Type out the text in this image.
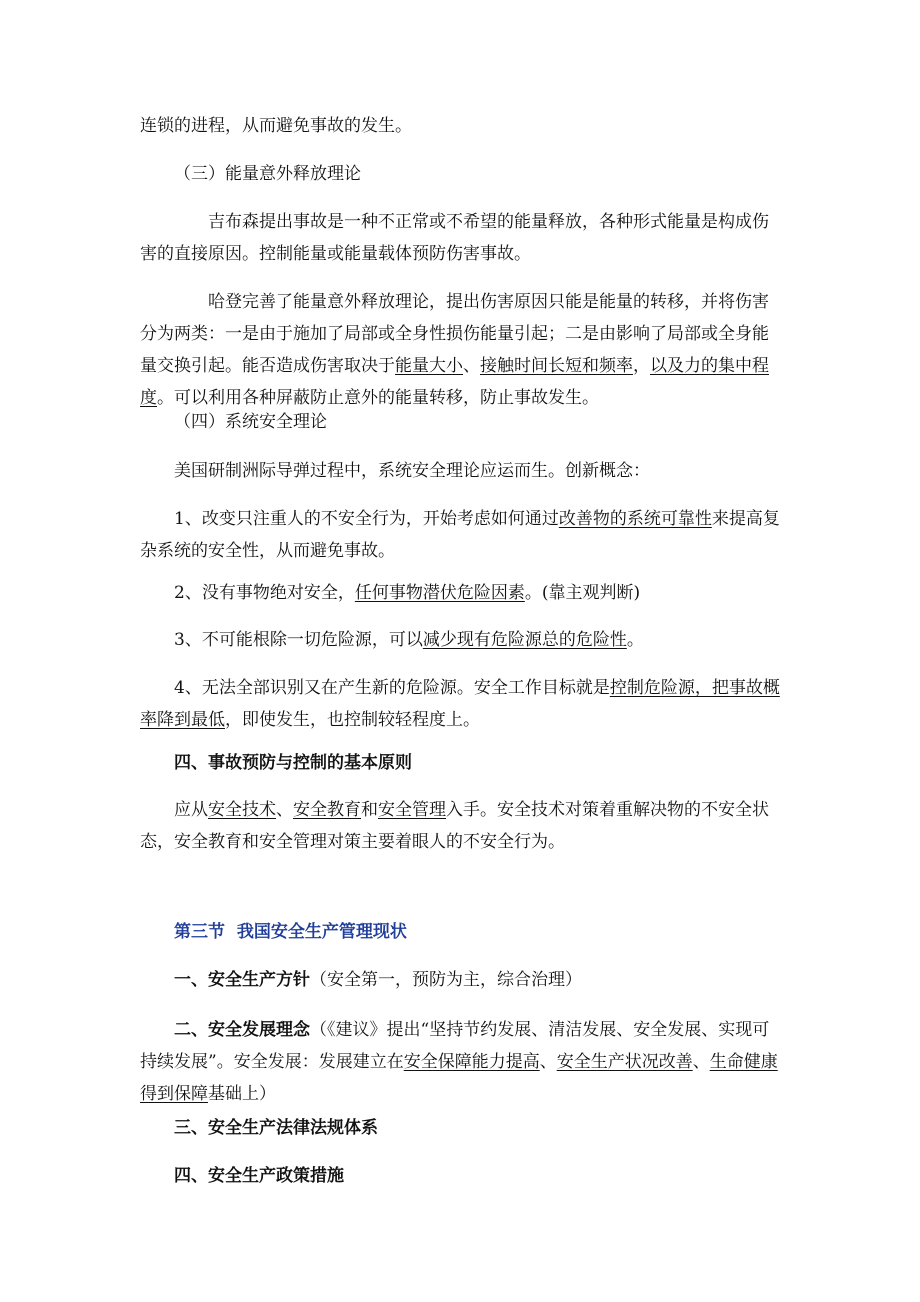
连锁的进程，从而避免事故的发生。

（三）能量意外释放理论

吉布森提出事故是一种不正常或不希望的能量释放，各种形式能量是构成伤害的直接原因。控制能量或能量载体预防伤害事故。

哈登完善了能量意外释放理论，提出伤害原因只能是能量的转移，并将伤害分为两类：一是由于施加了局部或全身性损伤能量引起；二是由影响了局部或全身能量交换引起。能否造成伤害取决于能量大小、接触时间长短和频率，以及力的集中程度。可以利用各种屏蔽防止意外的能量转移，防止事故发生。

（四）系统安全理论

美国研制洲际导弹过程中，系统安全理论应运而生。创新概念：

1、改变只注重人的不安全行为，开始考虑如何通过改善物的系统可靠性来提高复杂系统的安全性，从而避免事故。

2、没有事物绝对安全，任何事物潜伏危险因素。(靠主观判断)

3、不可能根除一切危险源，可以减少现有危险源总的危险性。

4、无法全部识别又在产生新的危险源。安全工作目标就是控制危险源，把事故概率降到最低，即使发生，也控制较轻程度上。

四、事故预防与控制的基本原则

应从安全技术、安全教育和安全管理入手。安全技术对策着重解决物的不安全状态，安全教育和安全管理对策主要着眼人的不安全行为。

第三节  我国安全生产管理现状

一、安全生产方针（安全第一，预防为主，综合治理）

二、安全发展理念（《建议》提出“坚持节约发展、清洁发展、安全发展、实现可持续发展”。安全发展：发展建立在安全保障能力提高、安全生产状况改善、生命健康得到保障基础上）

三、安全生产法律法规体系

四、安全生产政策措施
